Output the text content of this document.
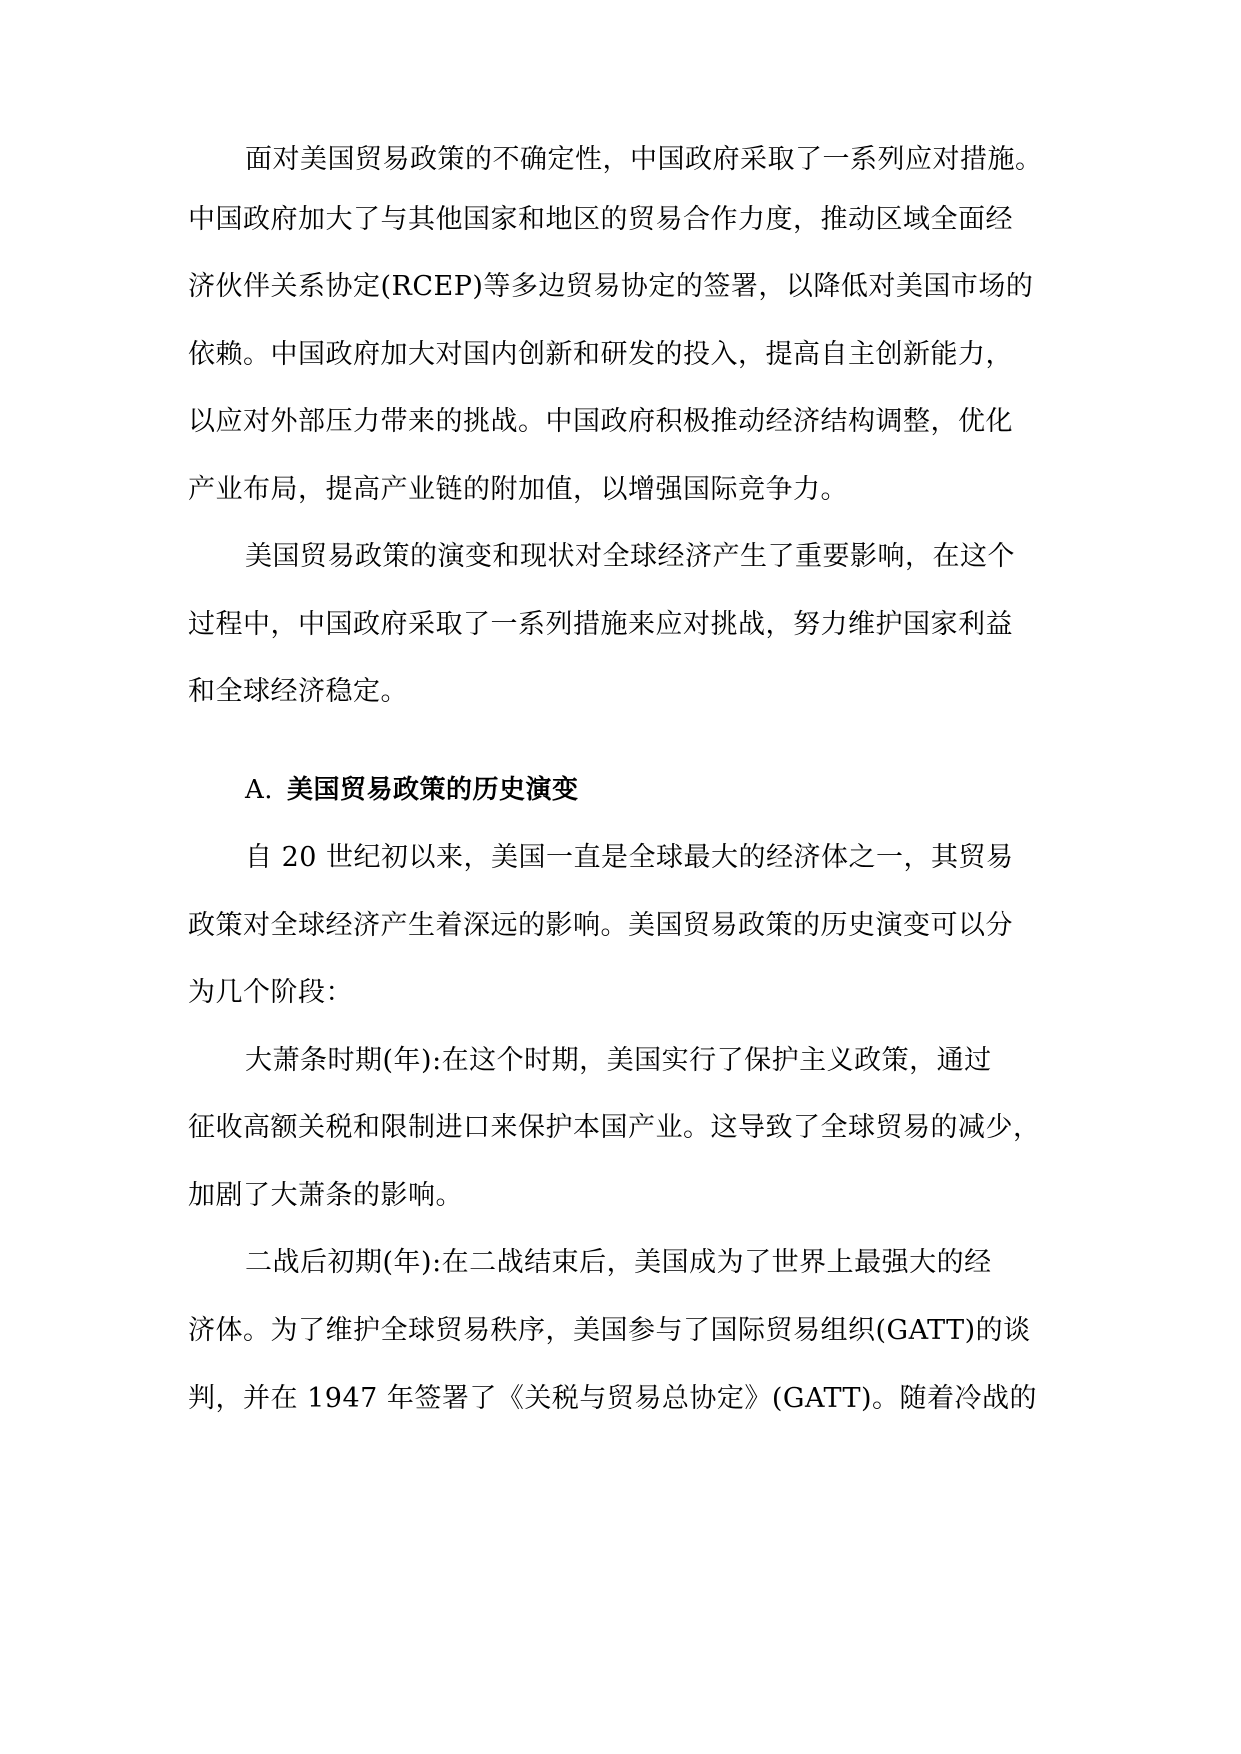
面对美国贸易政策的不确定性，中国政府采取了一系列应对措施。
中国政府加大了与其他国家和地区的贸易合作力度，推动区域全面经
济伙伴关系协定(RCEP)等多边贸易协定的签署，以降低对美国市场的
依赖。中国政府加大对国内创新和研发的投入，提高自主创新能力，
以应对外部压力带来的挑战。中国政府积极推动经济结构调整，优化
产业布局，提高产业链的附加值，以增强国际竞争力。
美国贸易政策的演变和现状对全球经济产生了重要影响，在这个
过程中，中国政府采取了一系列措施来应对挑战，努力维护国家利益
和全球经济稳定。
A. 美国贸易政策的历史演变
自 20 世纪初以来，美国一直是全球最大的经济体之一，其贸易
政策对全球经济产生着深远的影响。美国贸易政策的历史演变可以分
为几个阶段：
大萧条时期(年):在这个时期，美国实行了保护主义政策，通过
征收高额关税和限制进口来保护本国产业。这导致了全球贸易的减少，
加剧了大萧条的影响。
二战后初期(年):在二战结束后，美国成为了世界上最强大的经
济体。为了维护全球贸易秩序，美国参与了国际贸易组织(GATT)的谈
判，并在 1947 年签署了《关税与贸易总协定》(GATT)。随着冷战的
